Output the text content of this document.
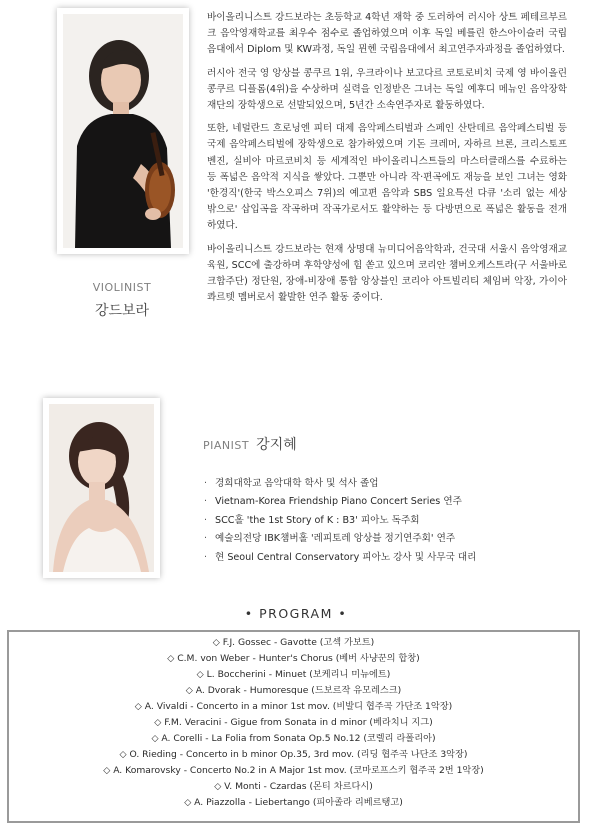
VIOLINIST
강드보라

바이올리니스트 강드보라는 초등학교 4학년 재학 중 도러하여 러시아 상트 페테르부르크 음악영재학교를 최우수 점수로 졸업하였으며 이후 독일 베를린 한스아이슬러 국립음대에서 Diplom 및 KW과정, 독일 뮌헨 국립음대에서 최고연주자과정을 졸업하였다.

러시아 전국 영 앙상블 콩쿠르 1위, 우크라이나 보고다르 코토로비치 국제 영 바이올린 콩쿠르 디플롬(4위)을 수상하며 실력을 인정받은 그녀는 독일 예후디 메뉴인 음악장학재단의 장학생으로 선발되었으며, 5년간 소속연주자로 활동하였다.

또한, 네덜란드 흐로닝엔 피터 대제 음악페스티벌과 스페인 산탄데르 음악페스티벌 등 국제 음악페스티벌에 장학생으로 참가하였으며 기돈 크레머, 자하르 브론, 크리스토프 벤진, 실비아 마르코비치 등 세계적인 바이올리니스트들의 마스터클래스를 수료하는 등 폭넓은 음악적 지식을 쌓았다. 그뿐만 아니라 작·편곡에도 재능을 보인 그녀는 영화 '한경직'(한국 박스오피스 7위)의 예고편 음악과 SBS 일요특선 다큐 '소리 없는 세상 밖으로' 삽입곡을 작곡하며 작곡가로서도 활약하는 등 다방면으로 폭넓은 활동을 전개하였다.

바이올리니스트 강드보라는 현재 상명대 뉴미디어음악학과, 건국대 서울시 음악영재교육원, SCC에 출강하며 후학양성에 힘 쏟고 있으며 코리안 챔버오케스트라(구 서울바로크합주단) 정단원, 장애-비장애 통합 앙상블인 코리아 아트빌리티 체임버 악장, 가이아 콰르텟 멤버로서 활발한 연주 활동 중이다.

PIANIST 강지혜
· 경희대학교 음악대학 학사 및 석사 졸업
· Vietnam-Korea Friendship Piano Concert Series 연주
· SCC홀 'the 1st Story of K : B3' 피아노 독주회
· 예술의전당 IBK챔버홀 '레피토레 앙상블 정기연주회' 연주
· 현 Seoul Central Conservatory 피아노 강사 및 사무국 대리
• PROGRAM •
◇ F.J. Gossec - Gavotte (고섹 가보트)
◇ C.M. von Weber - Hunter's Chorus (베버 사냥꾼의 합창)
◇ L. Boccherini - Minuet (보케리니 미뉴에트)
◇ A. Dvorak - Humoresque (드보르작 유모레스크)
◇ A. Vivaldi - Concerto in a minor 1st mov. (비발디 협주곡 가단조 1악장)
◇ F.M. Veracini - Gigue from Sonata in d minor (베라치니 지그)
◇ A. Corelli - La Folia from Sonata Op.5 No.12 (코렐리 라폴리아)
◇ O. Rieding - Concerto in b minor Op.35, 3rd mov. (리딩 협주곡 나단조 3악장)
◇ A. Komarovsky - Concerto No.2 in A Major 1st mov. (코마로프스키 협주곡 2번 1악장)
◇ V. Monti - Czardas (몬티 차르다시)
◇ A. Piazzolla - Liebertango (피아졸라 리베르탱고)
